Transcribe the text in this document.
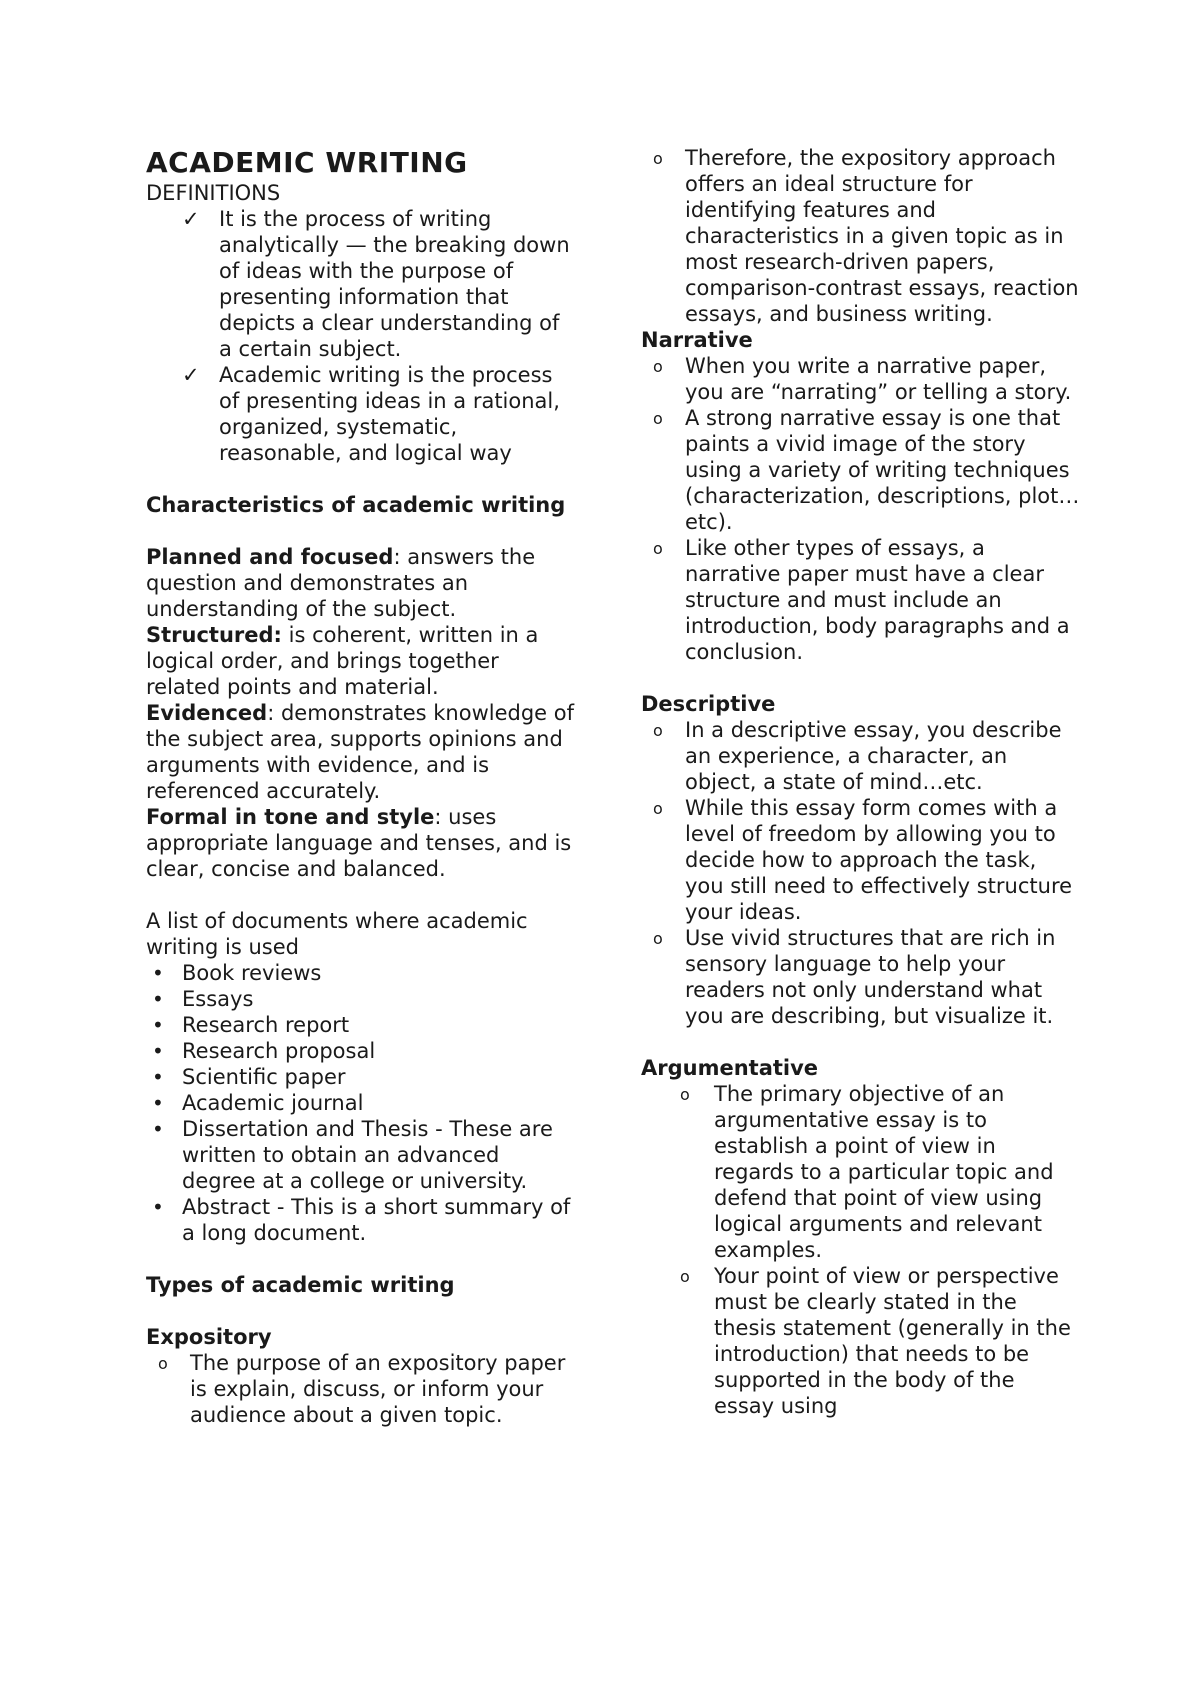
ACADEMIC WRITING

DEFINITIONS

✓ It is the process of writing analytically — the breaking down of ideas with the purpose of presenting information that depicts a clear understanding of a certain subject.
✓ Academic writing is the process of presenting ideas in a rational, organized, systematic, reasonable, and logical way

Characteristics of academic writing

Planned and focused: answers the question and demonstrates an understanding of the subject.

Structured: is coherent, written in a logical order, and brings together related points and material.

Evidenced: demonstrates knowledge of the subject area, supports opinions and arguments with evidence, and is referenced accurately.

Formal in tone and style: uses appropriate language and tenses, and is clear, concise and balanced.

A list of documents where academic writing is used

• Book reviews
• Essays
• Research report
• Research proposal
• Scientific paper
• Academic journal
• Dissertation and Thesis - These are written to obtain an advanced degree at a college or university.
• Abstract - This is a short summary of a long document.

Types of academic writing

Expository

o The purpose of an expository paper is explain, discuss, or inform your audience about a given topic.
o Therefore, the expository approach offers an ideal structure for identifying features and characteristics in a given topic as in most research-driven papers, comparison-contrast essays, reaction essays, and business writing.

Narrative

o When you write a narrative paper, you are “narrating” or telling a story.
o A strong narrative essay is one that paints a vivid image of the story using a variety of writing techniques (characterization, descriptions, plot…etc).
o Like other types of essays, a narrative paper must have a clear structure and must include an introduction, body paragraphs and a conclusion.

Descriptive

o In a descriptive essay, you describe an experience, a character, an object, a state of mind…etc.
o While this essay form comes with a level of freedom by allowing you to decide how to approach the task, you still need to effectively structure your ideas.
o Use vivid structures that are rich in sensory language to help your readers not only understand what you are describing, but visualize it.

Argumentative

o The primary objective of an argumentative essay is to establish a point of view in regards to a particular topic and defend that point of view using logical arguments and relevant examples.
o Your point of view or perspective must be clearly stated in the thesis statement (generally in the introduction) that needs to be supported in the body of the essay using
